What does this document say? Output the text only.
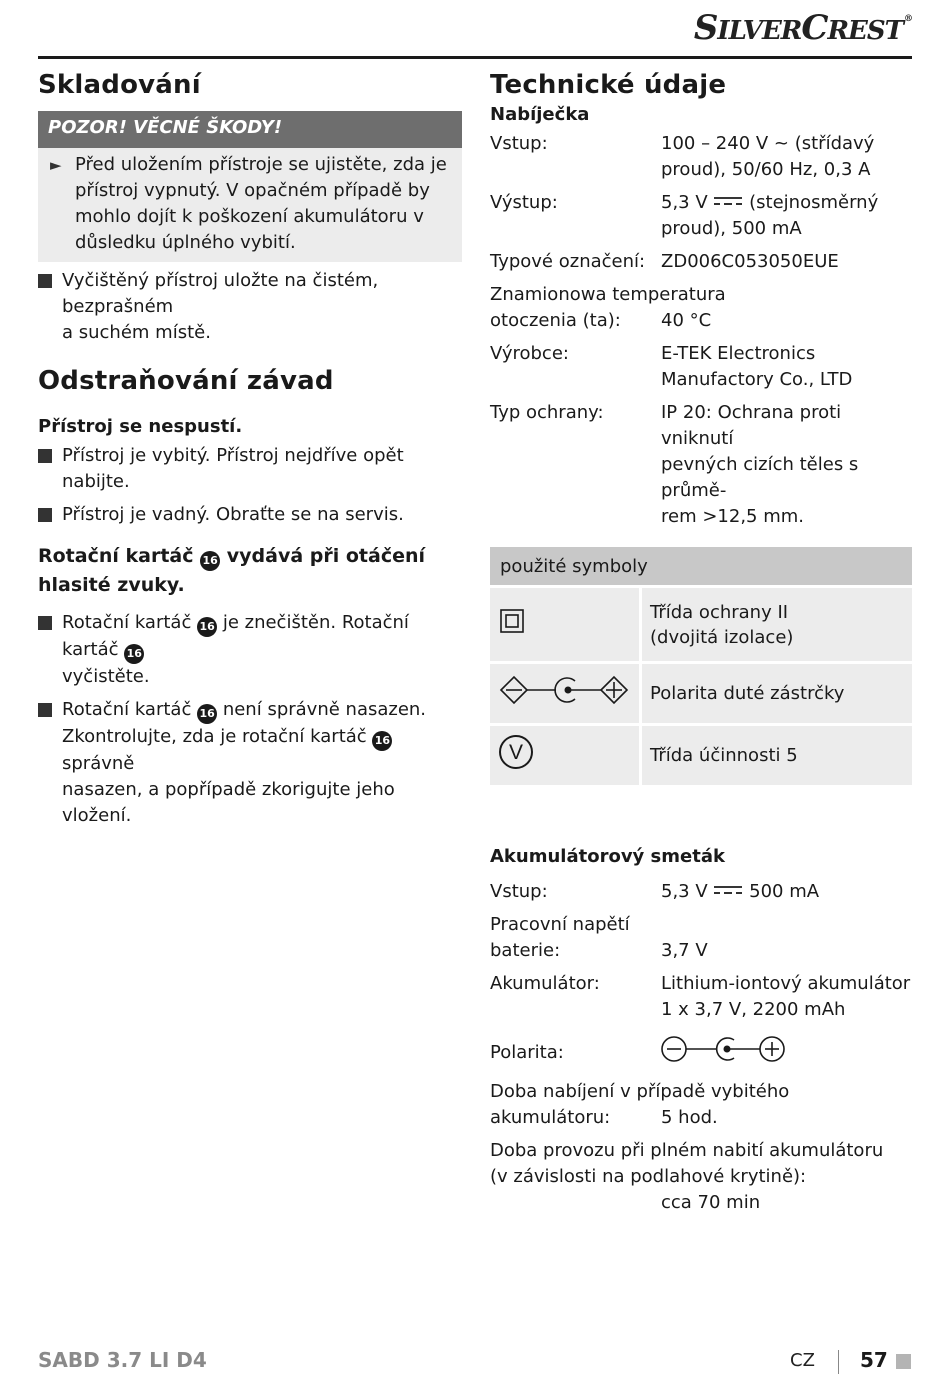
SILVERCREST®
Skladování
POZOR! VĚCNÉ ŠKODY!
► Před uložením přístroje se ujistěte, zda je
přístroj vypnutý. V opačném případě by
mohlo dojít k poškození akumulátoru v
důsledku úplného vybití.
Vyčištěný přístroj uložte na čistém, bezprašném
a suchém místě.
Odstraňování závad
Přístroj se nespustí.
Přístroj je vybitý. Přístroj nejdříve opět nabijte.
Přístroj je vadný. Obraťte se na servis.
Rotační kartáč 16 vydává při otáčení
hlasité zvuky.
Rotační kartáč 16 je znečištěn. Rotační kartáč 16
vyčistěte.
Rotační kartáč 16 není správně nasazen.
Zkontrolujte, zda je rotační kartáč 16 správně
nasazen, a popřípadě zkorigujte jeho vložení.
Technické údaje
Nabíječka
Vstup:	100 – 240 V ~ (střídavý
proud), 50/60 Hz, 0,3 A
Výstup:	5,3 V (stejnosměrný
proud), 500 mA
Typové označení: ZD006C053050EUE
Znamionowa temperatura
otoczenia (ta):	40 °C
Výrobce:	E-TEK Electronics
Manufactory Co., LTD
Typ ochrany:	IP 20: Ochrana proti vniknutí
pevných cizích těles s průmě-
rem >12,5 mm.
použité symboly	

Třída ochrany II
(dvojitá izolace)

	Polarita duté zástrčky

V	Třída účinnosti 5
Akumulátorový smeták
Vstup:	5,3 V 500 mA
Pracovní napětí
baterie:	3,7 V
Akumulátor:	Lithium-iontový akumulátor
1 x 3,7 V, 2200 mAh
Polarita:
Doba nabíjení v případě vybitého
akumulátoru:	5 hod.
Doba provozu při plném nabití akumulátoru
(v závislosti na podlahové krytině):
cca 70 min
SABD 3.7 LI D4	CZ 57
